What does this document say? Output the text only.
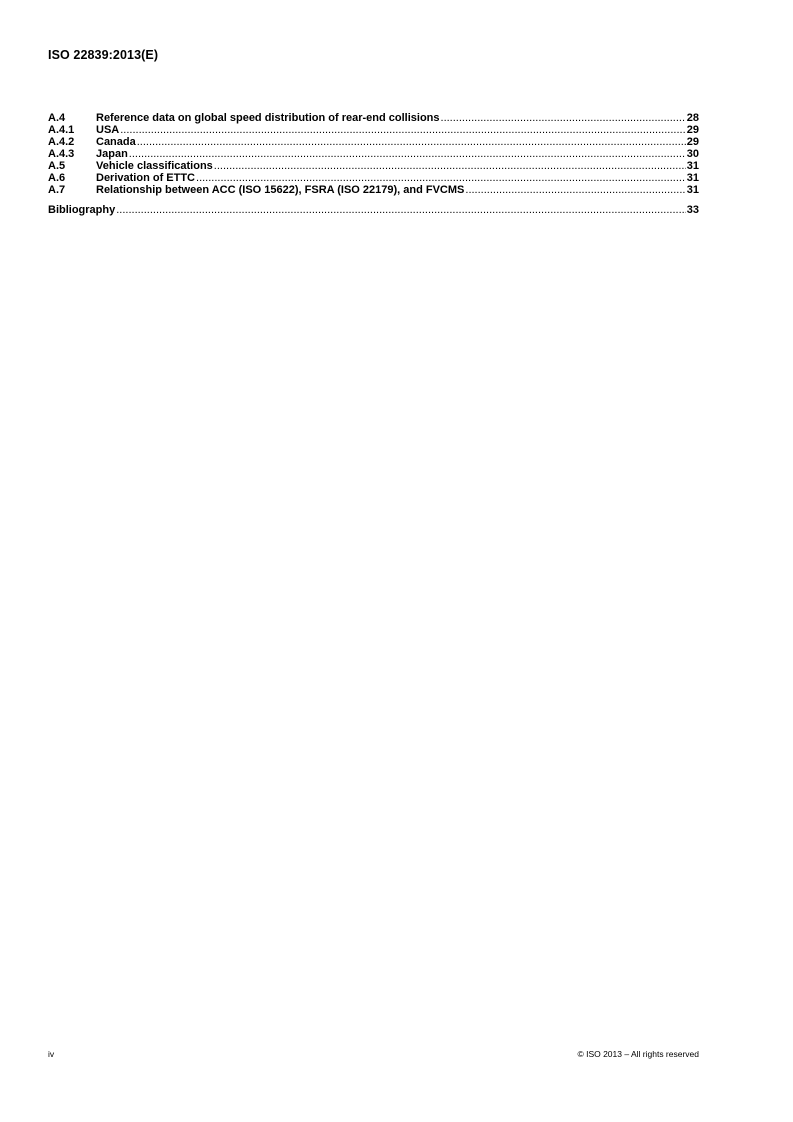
ISO 22839:2013(E)
A.4	Reference data on global speed distribution of rear-end collisions .....	28
A.4.1	USA .....	29
A.4.2	Canada .....	29
A.4.3	Japan .....	30
A.5	Vehicle classifications .....	31
A.6	Derivation of ETTC .....	31
A.7	Relationship between ACC (ISO 15622), FSRA (ISO 22179), and FVCMS .....	31
Bibliography .....	33
iv	© ISO 2013 – All rights reserved
